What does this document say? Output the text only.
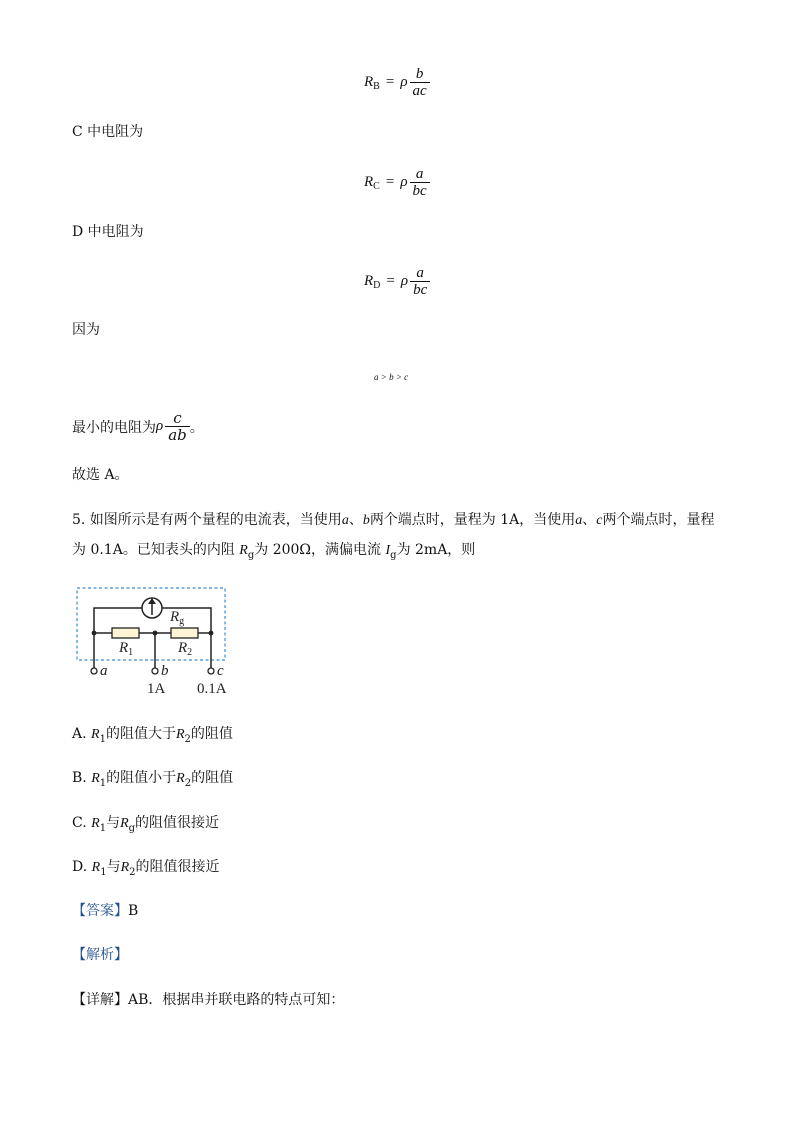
R B = ρ $\frac{b}{ac}$
C 中电阻为
R C = ρ $\frac{a}{bc}$
D 中电阻为
R D = ρ $\frac{a}{bc}$
因为
a > b > c
最小的电阻为 ρ $\frac{c}{ab}$ 。
故选 A。
5. 如图所示是有两个量程的电流表，当使用a、b两个端点时，量程为 1A，当使用a、c两个端点时，量程
为 0.1A。已知表头的内阻 $R_g$为 200Ω，满偏电流 $I_g$为 2mA，则
$R_g$
$R_1$	$R_2$
a	b	c
1A 0.1A
A. $R_1$的阻值大于$R_2$的阻值
B. $R_1$的阻值小于$R_2$的阻值
C. $R_1$与$R_g$的阻值很接近
D. $R_1$与$R_2$的阻值很接近
【答案】B
【解析】
【详解】AB．根据串并联电路的特点可知：
